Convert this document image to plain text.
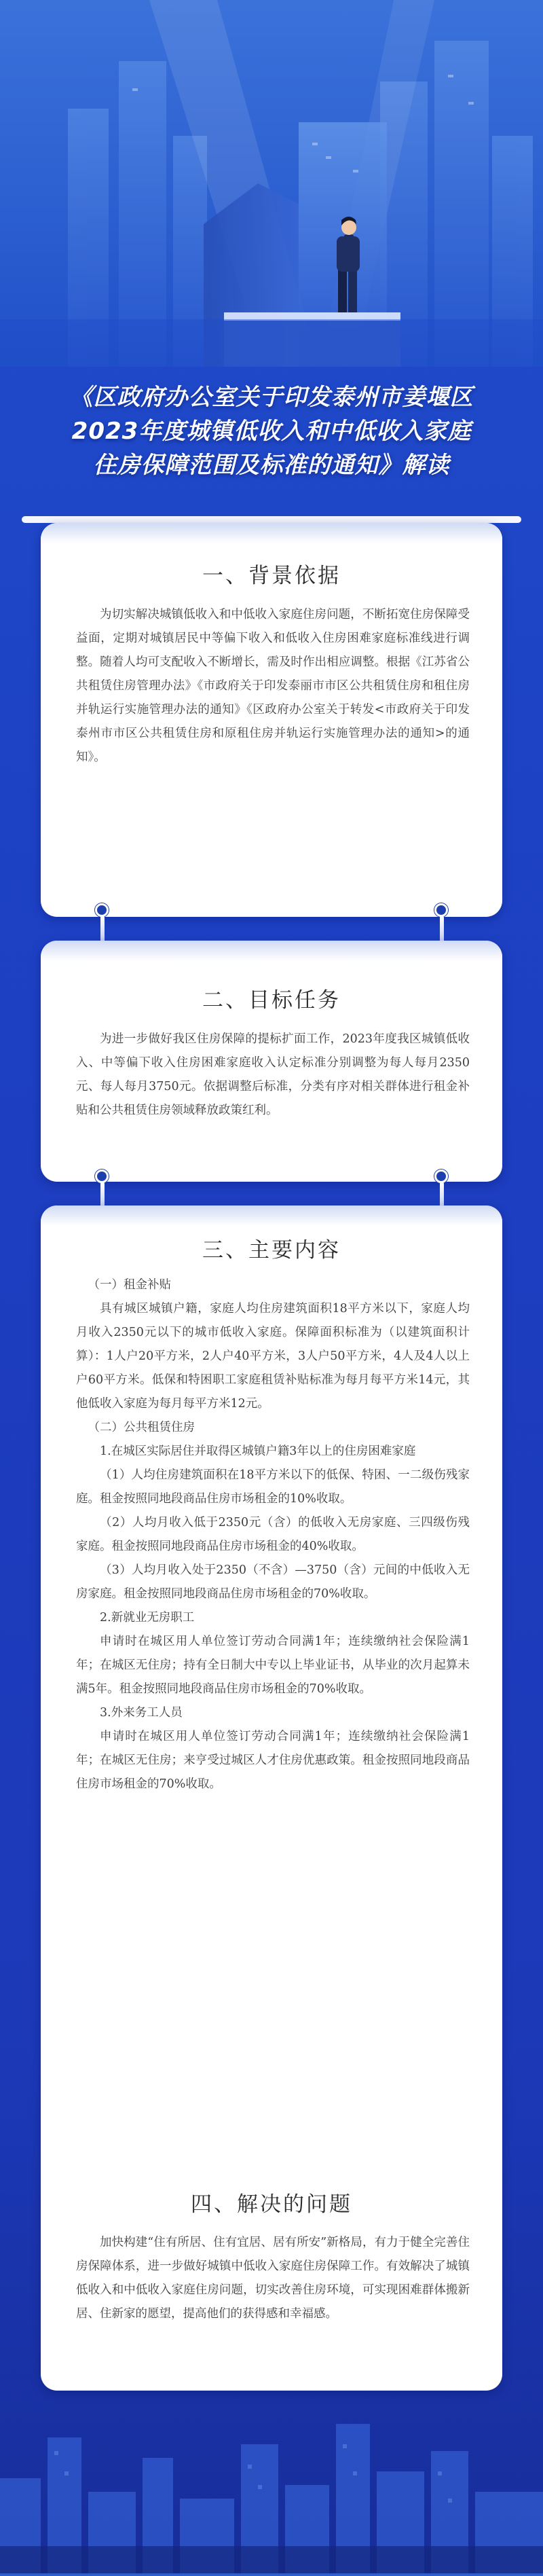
《区政府办公室关于印发泰州市姜堰区
2023年度城镇低收入和中低收入家庭
住房保障范围及标准的通知》解读
一、背景依据
为切实解决城镇低收入和中低收入家庭住房问题，不断拓宽住房保障受益面，定期对城镇居民中等偏下收入和低收入住房困难家庭标准线进行调整。随着人均可支配收入不断增长，需及时作出相应调整。根据《江苏省公共租赁住房管理办法》《市政府关于印发泰丽市市区公共租赁住房和租住房并轨运行实施管理办法的通知》《区政府办公室关于转发<市政府关于印发泰州市市区公共租赁住房和原租住房并轨运行实施管理办法的通知>的通知》。
二、目标任务
为进一步做好我区住房保障的提标扩面工作，2023年度我区城镇低收入、中等偏下收入住房困难家庭收入认定标准分别调整为每人每月2350元、每人每月3750元。依据调整后标准，分类有序对相关群体进行租金补贴和公共租赁住房领域释放政策红利。
三、主要内容

（一）租金补贴

具有城区城镇户籍，家庭人均住房建筑面积18平方米以下，家庭人均月收入2350元以下的城市低收入家庭。保障面积标准为（以建筑面积计算）：1人户20平方米，2人户40平方米，3人户50平方米，4人及4人以上户60平方米。低保和特困职工家庭租赁补贴标准为每月每平方米14元，其他低收入家庭为每月每平方米12元。

（二）公共租赁住房

1.在城区实际居住并取得区城镇户籍3年以上的住房困难家庭

（1）人均住房建筑面积在18平方米以下的低保、特困、一二级伤残家庭。租金按照同地段商品住房市场租金的10%收取。

（2）人均月收入低于2350元（含）的低收入无房家庭、三四级伤残家庭。租金按照同地段商品住房市场租金的40%收取。

（3）人均月收入处于2350（不含）—3750（含）元间的中低收入无房家庭。租金按照同地段商品住房市场租金的70%收取。

2.新就业无房职工

申请时在城区用人单位签订劳动合同满1年；连续缴纳社会保险满1年；在城区无住房；持有全日制大中专以上毕业证书，从毕业的次月起算未满5年。租金按照同地段商品住房市场租金的70%收取。

3.外来务工人员

申请时在城区用人单位签订劳动合同满1年；连续缴纳社会保险满1年；在城区无住房；来亨受过城区人才住房优惠政策。租金按照同地段商品住房市场租金的70%收取。

四、解决的问题
加快构建“住有所居、住有宜居、居有所安”新格局，有力于健全完善住房保障体系，进一步做好城镇中低收入家庭住房保障工作。有效解决了城镇低收入和中低收入家庭住房问题，切实改善住房环境，可实现困难群体搬新居、住新家的愿望，提高他们的获得感和幸福感。
